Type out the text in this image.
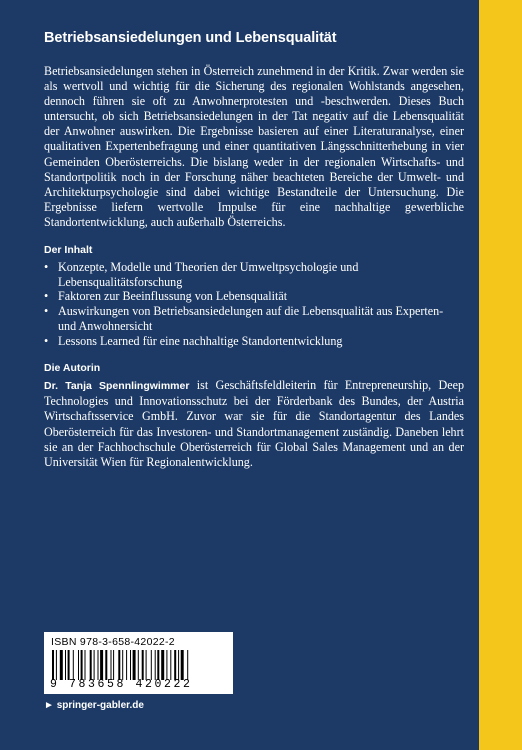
Betriebsansiedelungen und Lebensqualität

Betriebsansiedelungen stehen in Österreich zunehmend in der Kritik. Zwar werden sie als wertvoll und wichtig für die Sicherung des regionalen Wohlstands angesehen, dennoch führen sie oft zu Anwohnerprotesten und -beschwerden. Dieses Buch untersucht, ob sich Betriebsansiedelungen in der Tat negativ auf die Lebensqualität der Anwohner auswirken. Die Ergebnisse basieren auf einer Literaturanalyse, einer qualitativen Expertenbefragung und einer quantitativen Längsschnitterhebung in vier Gemeinden Oberösterreichs. Die bislang weder in der regionalen Wirtschafts- und Standortpolitik noch in der Forschung näher beachteten Bereiche der Umwelt- und Architekturpsychologie sind dabei wichtige Bestandteile der Untersuchung. Die Ergebnisse liefern wertvolle Impulse für eine nachhaltige gewerbliche Standortentwicklung, auch außerhalb Österreichs.

Der Inhalt
• Konzepte, Modelle und Theorien der Umweltpsychologie und Lebensqualitätsforschung
• Faktoren zur Beeinflussung von Lebensqualität
• Auswirkungen von Betriebsansiedelungen auf die Lebensqualität aus Experten- und Anwohnersicht
• Lessons Learned für eine nachhaltige Standortentwicklung
Die Autorin

Dr. Tanja Spennlingwimmer ist Geschäftsfeldleiterin für Entrepreneurship, Deep Technologies und Innovationsschutz bei der Förderbank des Bundes, der Austria Wirtschaftsservice GmbH. Zuvor war sie für die Standortagentur des Landes Oberösterreich für das Investoren- und Standortmanagement zuständig. Daneben lehrt sie an der Fachhochschule Oberösterreich für Global Sales Management und an der Universität Wien für Regionalentwicklung.

ISBN 978-3-658-42022-2
9 783658 420222
► springer-gabler.de
